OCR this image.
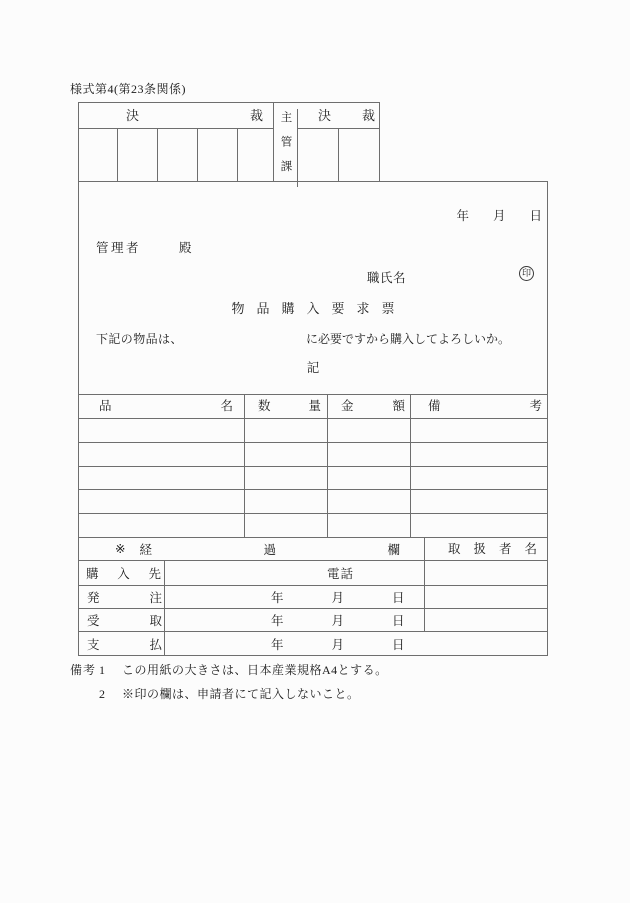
様式第4(第23条関係)
決 裁	主管課	決 裁
年 月 日
管理者	殿
職氏名	印
物品購入要求票
下記の物品は、	に必要ですから購入してよろしいか。
記
品 名	数 量	金 額	備 考
※ 経 過 欄	取 扱 者 名
購 入 先	電話
発 注	年	月	日
受 取	年	月	日
支 払	年	月	日
備考 1	この用紙の大きさは、日本産業規格A4とする。
2	※印の欄は、申請者にて記入しないこと。
